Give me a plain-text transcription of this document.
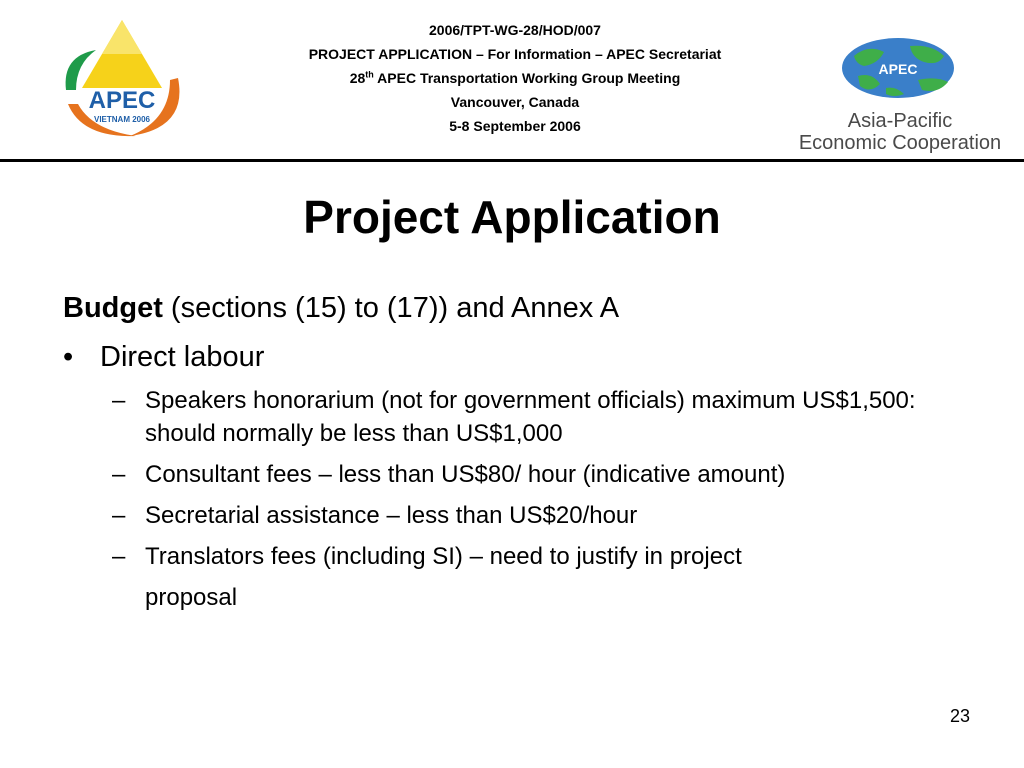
2006/TPT-WG-28/HOD/007
PROJECT APPLICATION – For Information – APEC Secretariat
28th APEC Transportation Working Group Meeting
Vancouver, Canada
5-8 September 2006
APEC
VIETNAM 2006
APEC
Asia-Pacific
Economic Cooperation
Project Application
Budget (sections (15) to (17)) and Annex A
• Direct labour
– Speakers honorarium (not for government officials) maximum US$1,500: should normally be less than US$1,000
– Consultant fees – less than US$80/ hour (indicative amount)
– Secretarial assistance – less than US$20/hour
– Translators fees (including SI) – need to justify in project
proposal
23
